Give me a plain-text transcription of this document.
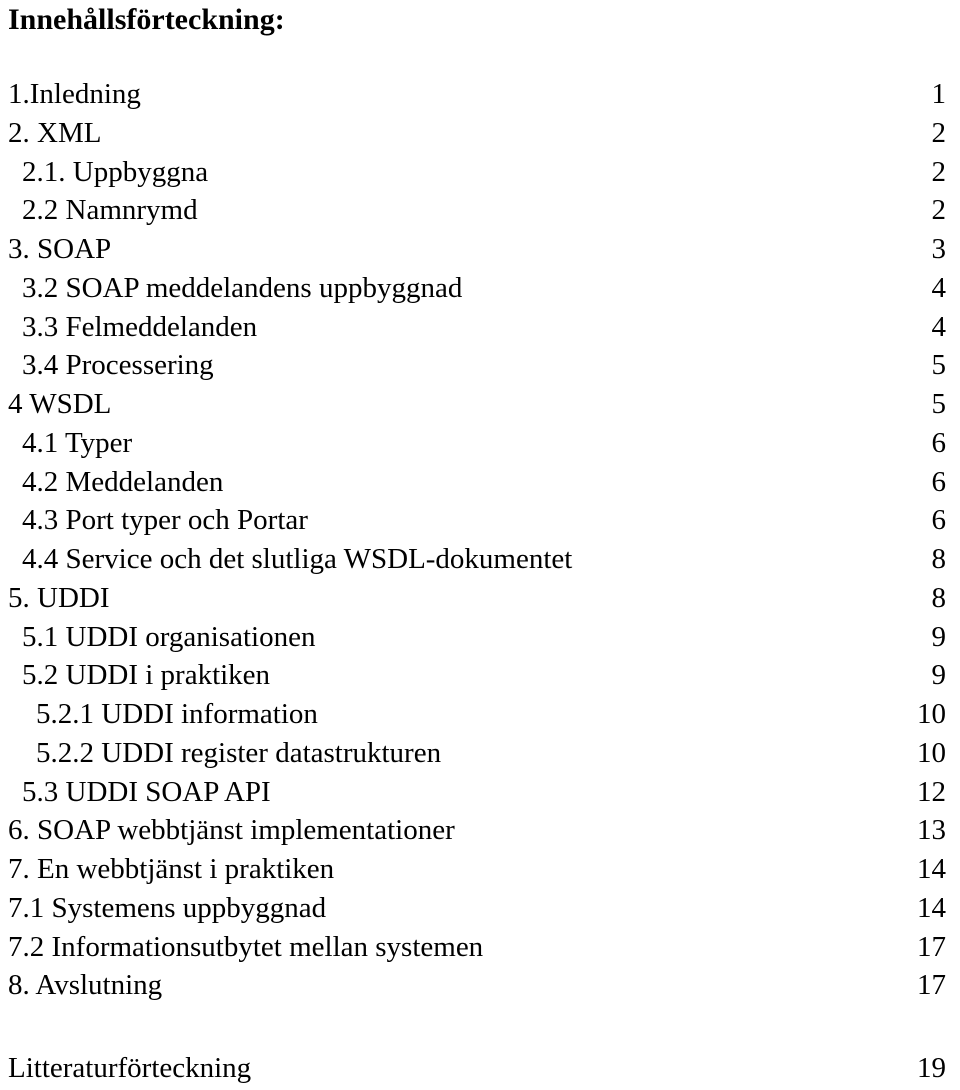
Innehållsförteckning:
1.Inledning	1
2. XML	2
2.1. Uppbyggna	2
2.2 Namnrymd	2
3. SOAP	3
3.2 SOAP meddelandens uppbyggnad	4
3.3 Felmeddelanden	4
3.4 Processering	5
4 WSDL	5
4.1 Typer	6
4.2 Meddelanden	6
4.3 Port typer och Portar	6
4.4 Service och det slutliga WSDL-dokumentet	8
5. UDDI	8
5.1 UDDI organisationen	9
5.2 UDDI i praktiken	9
5.2.1 UDDI information	10
5.2.2 UDDI register datastrukturen	10
5.3 UDDI SOAP API	12
6. SOAP webbtjänst implementationer	13
7. En webbtjänst i praktiken	14
7.1 Systemens uppbyggnad	14
7.2 Informationsutbytet mellan systemen	17
8. Avslutning	17
Litteraturförteckning	19
